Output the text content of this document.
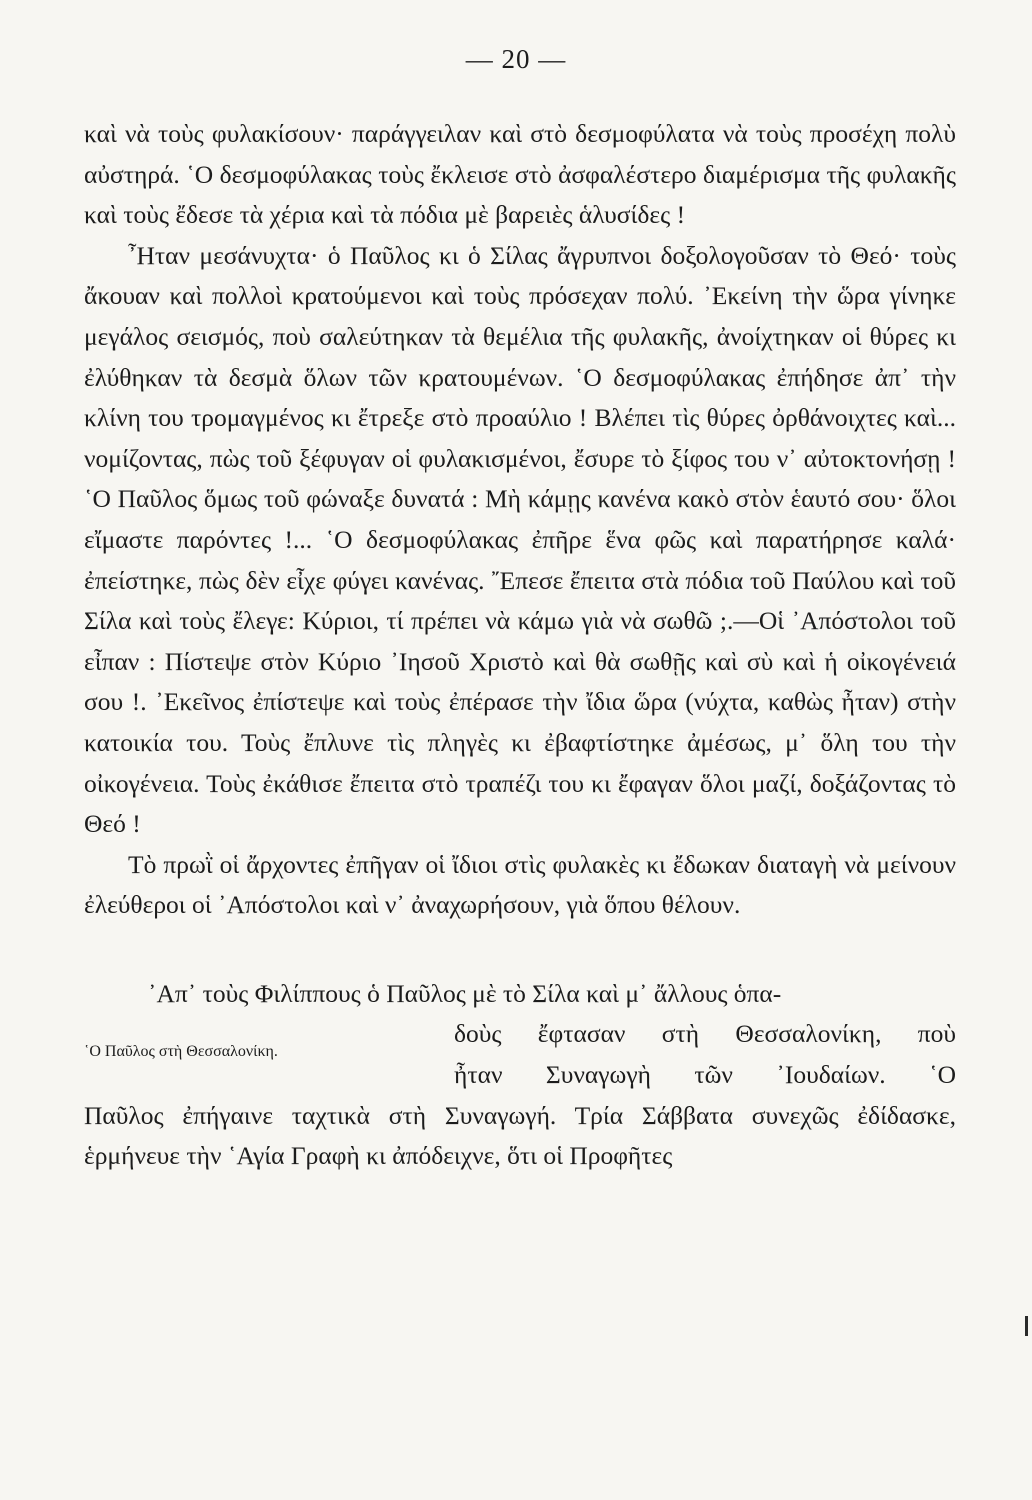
— 20 —

καὶ νὰ τοὺς φυλακίσουν· παράγγειλαν καὶ στὸ δεσμοφύλατα νὰ τοὺς προσέχη πολὺ αὐστηρά. ῾Ο δεσμοφύλακας τοὺς ἔκλεισε στὸ ἀσφαλέστερο διαμέρισμα τῆς φυλακῆς καὶ τοὺς ἔδεσε τὰ χέρια καὶ τὰ πόδια μὲ βαρειὲς ἁλυσίδες !

῏Ηταν μεσάνυχτα· ὁ Παῦλος κι ὁ Σίλας ἄγρυπνοι δοξολογοῦσαν τὸ Θεό· τοὺς ἄκουαν καὶ πολλοὶ κρατούμενοι καὶ τοὺς πρόσεχαν πολύ. ᾿Εκείνη τὴν ὥρα γίνηκε μεγάλος σεισμός, ποὺ σαλεύτηκαν τὰ θεμέλια τῆς φυλακῆς, ἀνοίχτηκαν οἱ θύρες κι ἐλύθηκαν τὰ δεσμὰ ὅλων τῶν κρατουμένων. ῾Ο δεσμοφύλακας ἐπήδησε ἀπ᾿ τὴν κλίνη του τρομαγμένος κι ἔτρεξε στὸ προαύλιο ! Βλέπει τὶς θύρες ὀρθάνοιχτες καὶ... νομίζοντας, πὼς τοῦ ξέφυγαν οἱ φυλακισμένοι, ἔσυρε τὸ ξίφος του ν᾿ αὐτοκτονήσῃ ! ῾Ο Παῦλος ὅμως τοῦ φώναξε δυνατά : Μὴ κάμῃς κανένα κακὸ στὸν ἑαυτό σου· ὅλοι εἴμαστε παρόντες !... ῾Ο δεσμοφύλακας ἐπῆρε ἕνα φῶς καὶ παρατήρησε καλά· ἐπείστηκε, πὼς δὲν εἶχε φύγει κανένας. ῎Επεσε ἔπειτα στὰ πόδια τοῦ Παύλου καὶ τοῦ Σίλα καὶ τοὺς ἔλεγε: Κύριοι, τί πρέπει νὰ κάμω γιὰ νὰ σωθῶ ;.—Οἱ ᾿Απόστολοι τοῦ εἶπαν : Πίστεψε στὸν Κύριο ᾿Ιησοῦ Χριστὸ καὶ θὰ σωθῇς καὶ σὺ καὶ ἡ οἰκογένειά σου !. ᾿Εκεῖνος ἐπίστεψε καὶ τοὺς ἐπέρασε τὴν ἴδια ὥρα (νύχτα, καθὼς ἦταν) στὴν κατοικία του. Τοὺς ἔπλυνε τὶς πληγὲς κι ἐβαφτίστηκε ἀμέσως, μ᾿ ὅλη του τὴν οἰκογένεια. Τοὺς ἐκάθισε ἔπειτα στὸ τραπέζι του κι ἔφαγαν ὅλοι μαζί, δοξάζοντας τὸ Θεό !

Τὸ πρωῒ οἱ ἄρχοντες ἐπῆγαν οἱ ἴδιοι στὶς φυλακὲς κι ἔδωκαν διαταγὴ νὰ μείνουν ἐλεύθεροι οἱ ᾿Απόστολοι καὶ ν᾿ ἀναχωρήσουν, γιὰ ὅπου θέλουν.

᾿Απ᾿ τοὺς Φιλίππους ὁ Παῦλος μὲ τὸ Σίλα καὶ μ᾿ ἄλλους ὁπα-
῾Ο Παῦλος στὴ Θεσσαλονίκη.
δοὺς ἔφτασαν στὴ Θεσσαλονίκη, ποὺ
ἦταν Συναγωγὴ τῶν ᾿Ιουδαίων. ῾Ο

Παῦλος ἐπήγαινε ταχτικὰ στὴ Συναγωγή. Τρία Σάββατα συνεχῶς ἐδίδασκε, ἑρμήνευε τὴν ῾Αγία Γραφὴ κι ἀπόδειχνε, ὅτι οἱ Προφῆτες
